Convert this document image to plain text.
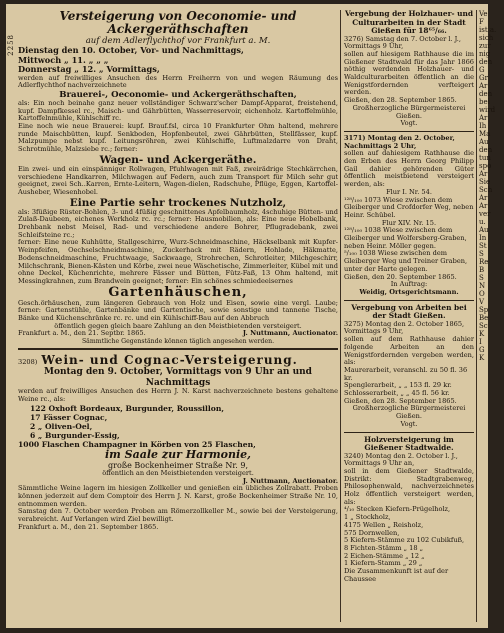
2258
Versteigerung von Oeconomie- und
Ackergeräthschaften
auf dem Adlerflychthof vor Frankfurt a. M.
Dienstag den 10. October, Vor- und Nachmittags,
Mittwoch „ 11. „ „ „
Donnerstag „ 12. „ Vormittags,

werden auf freiwilliges Ansuchen des Herrn Freiherrn von und wegen Räumung des Adlerflychthof nachverzeichnete

Brauerei-, Oeconomie- und Ackergeräthschaften,

als: Ein noch beinahe ganz neuer vollständiger Schwarz'scher Dampf-Apparat, freistehend, kupf. Dampfkessel rc., Maisch- und Gährbütten, Wasserreservoir, eichenholz. Kartoffelmühle, Kartoffelnmühle, Kühlschiff rc.

Eine noch wie neue Brauerei: kupf. Brauf.fsl, circa 10 Frankfurter Ohm haltend, mehrere runde Maischbütten, kupf. Senkboden, Hopfenbeutel, zwei Gährbütten, Stellfässer, kupf. Malzpumpe nebst kupf. Leitungsröhren, zwei Kühlschiffe, Luftmalzdarre von Draht, Schrotmühle, Malzsiebe rc.; ferner:

Wagen- und Ackergeräthe.

Ein zwei- und ein einspänniger Rollwagen, Pfuhlwagen mit Faß, zweirädrige Stechkärrchen, verschiedene Handkarren, Milchwagen auf Federn, auch zum Transport für Milch sehr gut geeignet, zwei Sch..Karren, Ernte-Leitern, Wagen-dielen, Radschuhe, Pflüge, Eggen, Kartoffel-Ausheber, Wiesenhobel.

Eine Partie sehr trockenes Nutzholz,

als: 3füßige Rüster-Bohlen, 3- und 4füßig geschnittenes Apfelbaumholz, 4schuhige Bütten- und Zulaß-Daubeen, eichenes Werkholz rc. rc.; ferner: Hausmobilien, als: Eine neue Hobelbank, Drehbank nebst Meisel, Rad- und verschiedene andere Bohrer, Pflugradebank, zwei Schleifsteine rc.;

ferner: Eine neue Kuhhütte, Stallgeschirre, Wurz-Schneidmaschine, Häckselbank mit Kupfer-Weinpfeifen, Oechselschneidmaschine, Zuckerhack mit Rädern, Hohlade, Häkmatte, Bodenschneidmaschine, Fruchtwaage, Sackwaage, Strohrechen, Schrotleiter, Milchgeschirr, Milchschrank, Bienen-Kästen und Körbe, zwei neue Wäschetische, Zimmerleiter, Kübel mit und ohne Deckel, Küchenrichte, mehrere Fässer und Bütten, Fütz-Faß, 13 Ohm haltend, mit Messingkrahnen, zum Brandwein geeignet; ferner: Ein schönes schmiedeeisernes

Gartenhäuschen,

Gesch.örhäuschen, zum längeren Gebrauch von Holz und Eisen, sowie eine vergl. Laube; ferner: Gartenstühle, Gartenbänke und Gartentische, sowie sonstige und tannene Tische, Bänke und Küchenschränke rc. rc. und ein Kühlschiff-Bau auf den Abbruch

öffentlich gegen gleich baare Zahlung an den Meistbietenden versteigert.

Frankfurt a. M., den 21. Septbr. 1865.	J. Nuttmann, Auctionator.

Sämmtliche Gegenstände können täglich angesehen werden.

3208) Wein- und Cognac-Versteigerung.
Montag den 9. October, Vormittags von 9 Uhr an und Nachmittags

werden auf freiwilliges Ansuchen des Herrn J. N. Karst nachverzeichnete bestens gehaltene Weine rc., als:

122 Oxhoft Bordeaux, Burgunder, Roussillon,
17 Fässer Cognac,
2 „ Oliven-Oel,
6 „ Burgunder-Essig,
1000 Flaschen Champagner in Körben von 25 Flaschen,
im Saale zur Harmonie,
große Bockenheimer Straße Nr. 9,
öffentlich an den Meistbietenden versteigert.
J. Nuttmann, Auctionator.

Sämmtliche Weine lagern im hiesigen Zollkeller und genießen ein übliches Zollrabatt. Proben können jederzeit auf dem Comptoir des Herrn J. N. Karst, große Bockenheimer Straße Nr. 10, entnommen werden.

Samstag den 7. October werden Proben am Römerzollkeller M., sowie bei der Versteigerung, verabreicht. Auf Verlangen wird Ziel bewilligt.

Frankfurt a. M., den 21. September 1865.

Vergebung der Holzhauer- und Culturarbeiten in der Stadt Gießen für 18⁶⁵/₆₆.

3276) Samstag den 7. October l. J., Vormittags 9 Uhr,

sollen auf hiesigem Rathhause die im Gießener Stadtwald für das Jahr 1866 nöthig werdenden Holzhauer- und Waldculturarbeiten öffentlich an die Wenigstfordernden verfteigert werden.

Gießen, den 28. September 1865.

Großherzogliche Bürgermeisterei Gießen.

Vogt.

3171) Montag den 2. October, Nachmittags 2 Uhr,

sollen auf dahiesigem Rathhause die den Erben des Herrn Georg Philipp Gail dahier gehörenden Güter öffentlich meistbietend versteigert werden, als:

Flur I. Nr. 54.

¹²⁸/₁₀₀ 1073 Wiese zwischen dem Gleiberger und Crofdorfer Weg, neben Heinr. Schübel.

Flur XIV. Nr. 15.

¹²⁸/₁₀₀ 1038 Wiese zwischen dem Gleiberger und Wolfersberg-Graben, neben Heinr. Möller gegen.

⁵/₁₀₀ 1038 Wiese zwischen dem Gleiberger Weg und Treiner Graben, unter der Harte gelegen.

Gießen, den 20. September 1865.

In Auftrag:

Weidig, Ortsgerichtsmann.

Vergebung von Arbeiten bei der Stadt Gießen.

3275) Montag den 2. October 1865, Vormittags 9 Uhr,

sollen auf dem Rathhause dahier folgende Arbeiten an den Wenigstfordernden vergeben werden, als:

Maurerarbeit, veranschl. zu 50 fl. 36 kr.

Spenglerarbeit, „ „ 153 fl. 29 kr.

Schlosserarbeit, „ „ 45 fl. 56 kr.

Gießen, den 28. September 1865.

Großherzogliche Bürgermeisterei Gießen.

Vogt.

Holzversteigerung im Gießener Stadtwalde.

3240) Montag den 2. October l. J., Vormittags 9 Uhr an,

soll in dem Gießener Stadtwalde, Distrikt: Stadtgrabenweg, Philosophenwald, nachverzeichnetes Holz öffentlich versteigert werden, als:

⁴/₁₀ Stecken Kiefern-Prügelholz,

1 „ Stockholz,

4175 Wellen „ Reisholz,

575 Dornwellen,

5 Kiefern-Stämme zu 102 Cubikfuß,

8 Fichten-Stämm „ 18 „

2 Eichen-Stämme „ 12 „

1 Kiefern-Stamm „ 29 „

Die Zusammenkunft ist auf der Chaussee

Ve
F
ist a.
sich
zur
nig
den
G
Gr
Ar
den
bei
wird
Ar
Ih
Ma
Au
den
tun
spo
Ar
Sie
Sch
Ar
Ar
ver
u.
Au
In
St
S
Re
B
S
N
O
V
Sp
Be
Sc
K
I
G
K
